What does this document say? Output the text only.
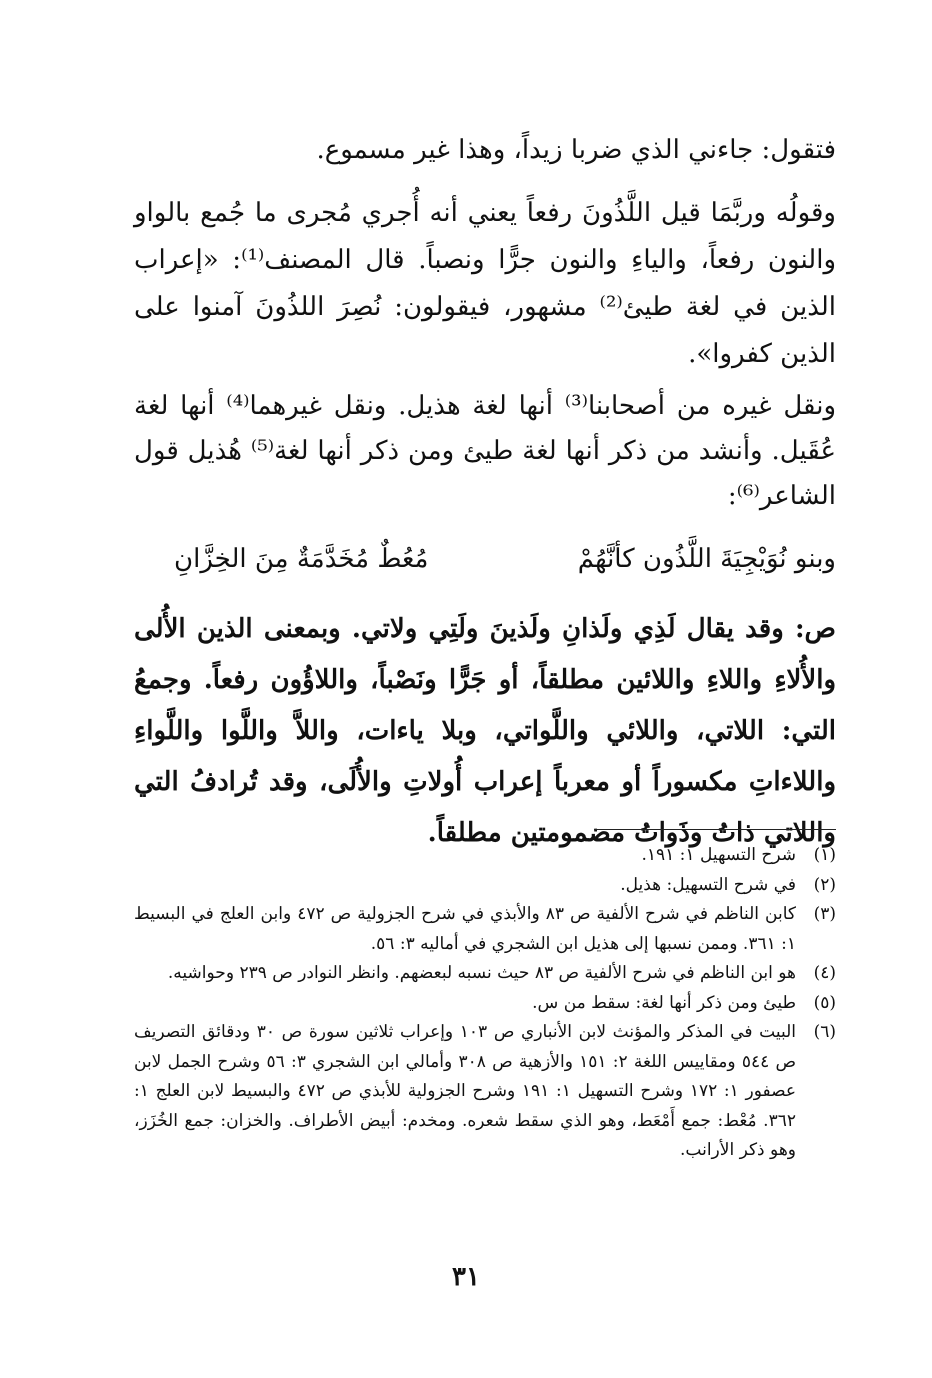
فتقول: جاءني الذي ضربا زيداً، وهذا غير مسموع.
وقولُه وربَّمَا قيل اللَّذُونَ رفعاً يعني أنه أُجري مُجرى ما جُمع بالواو والنون رفعاً، والياءِ والنون جرًّا ونصباً. قال المصنف⁽¹⁾: «إعراب الذين في لغة طيئ⁽²⁾ مشهور، فيقولون: نُصِرَ اللذُونَ آمنوا على الذين كفروا».
ونقل غيره من أصحابنا⁽³⁾ أنها لغة هذيل. ونقل غيرهما⁽⁴⁾ أنها لغة عُقَيل. وأنشد من ذكر أنها لغة طيئ ومن ذكر أنها لغة⁽⁵⁾ هُذيل قول الشاعر⁽⁶⁾:
وبنو نُوَيْجِيَةَ اللَّذُون كأنَّهُمْ
مُعُطٌ مُخَدَّمَةٌ مِنَ الخِزَّانِ
ص: وقد يقال لَذِي ولَذانِ ولَذينَ ولَتِي ولاتي. وبمعنى الذين الأُلى والأُلاءِ واللاءِ واللائين مطلقاً، أو جَرًّا ونَصْباً، واللاؤُون رفعاً. وجمعُ التي: اللاتي، واللائي واللَّواتي، وبلا ياءات، واللاَّ واللَّوا واللَّواءِ واللاءاتِ مكسوراً أو معرباً إعراب أُولاتِ والأُلَى، وقد تُرادفُ التي واللاتي ذاتُ وذَواتُ مضمومتين مطلقاً.
(١)
شرح التسهيل ١: ١٩١.
(٢)
في شرح التسهيل: هذيل.
(٣)
كابن الناظم في شرح الألفية ص ٨٣ والأبذي في شرح الجزولية ص ٤٧٢ وابن العلج في البسيط ١: ٣٦١. وممن نسبها إلى هذيل ابن الشجري في أماليه ٣: ٥٦.
(٤)
هو ابن الناظم في شرح الألفية ص ٨٣ حيث نسبه لبعضهم. وانظر النوادر ص ٢٣٩ وحواشيه.
(٥)
طيئ ومن ذكر أنها لغة: سقط من س.
(٦)
البيت في المذكر والمؤنث لابن الأنباري ص ١٠٣ وإعراب ثلاثين سورة ص ٣٠ ودقائق التصريف ص ٥٤٤ ومقاييس اللغة ٢: ١٥١ والأزهية ص ٣٠٨ وأمالي ابن الشجري ٣: ٥٦ وشرح الجمل لابن عصفور ١: ١٧٢ وشرح التسهيل ١: ١٩١ وشرح الجزولية للأبذي ص ٤٧٢ والبسيط لابن العلج ١: ٣٦٢. مُعْط: جمع أَمْعَط، وهو الذي سقط شعره. ومخدم: أبيض الأطراف. والخزان: جمع الخُزَز، وهو ذكر الأرانب.
٣١
